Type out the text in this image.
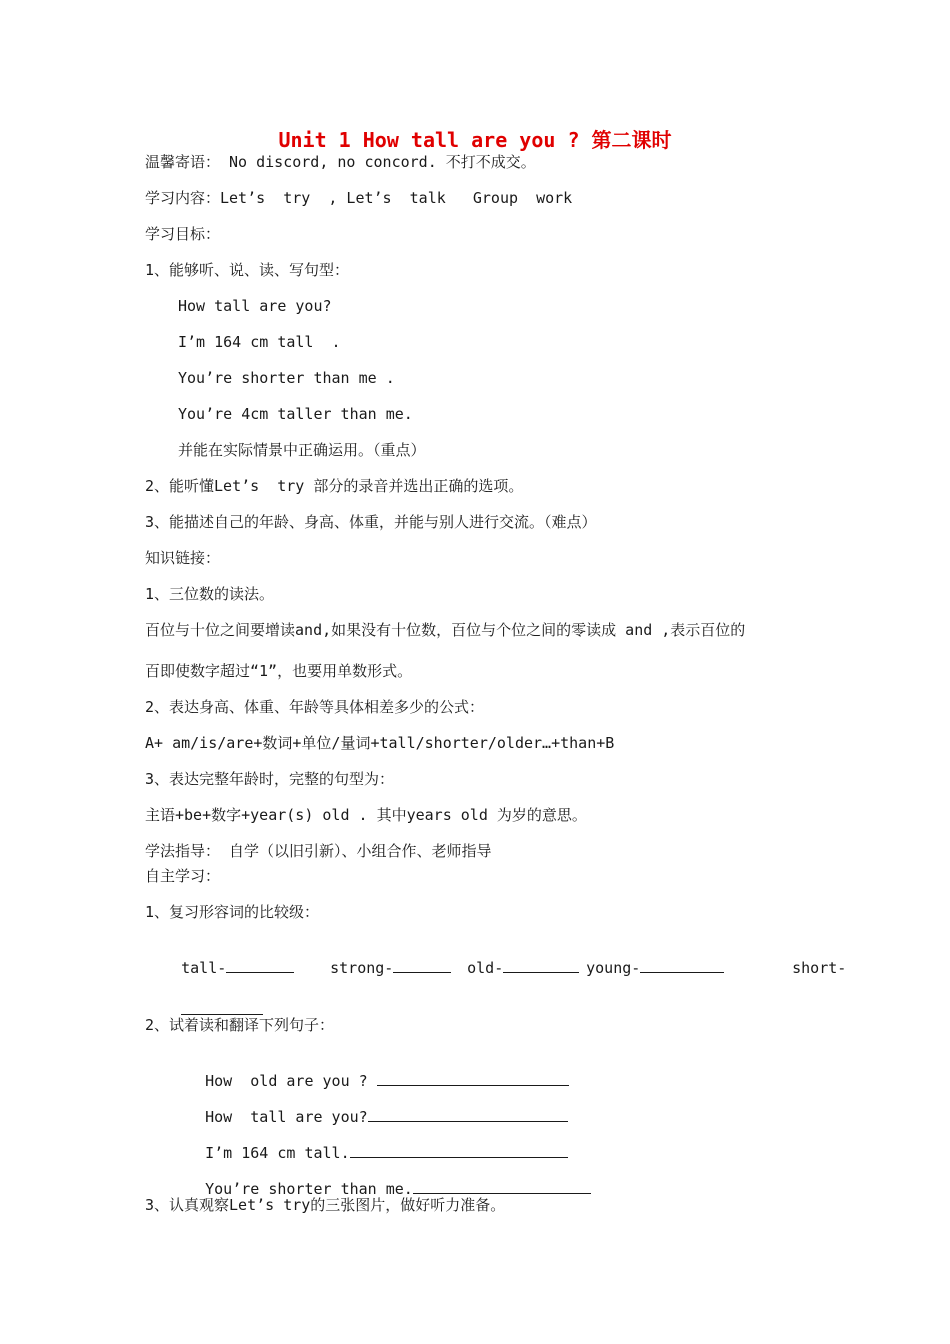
Unit 1 How tall are you ? 第二课时
温馨寄语： No discord, no concord. 不打不成交。
学习内容：Let’s  try  , Let’s  talk   Group  work
学习目标：
1、能够听、说、读、写句型：
How tall are you?
I’m 164 cm tall  .
You’re shorter than me .
You’re 4cm taller than me.
并能在实际情景中正确运用。（重点）
2、能听懂Let’s  try 部分的录音并选出正确的选项。
3、能描述自己的年龄、身高、体重，并能与别人进行交流。（难点）
知识链接：
1、三位数的读法。
百位与十位之间要增读and,如果没有十位数，百位与个位之间的零读成 and ,表示百位的
百即使数字超过“1”，也要用单数形式。
2、表达身高、体重、年龄等具体相差多少的公式：
A+ am/is/are+数词+单位/量词+tall/shorter/older…+than+B
3、表达完整年龄时，完整的句型为：
主语+be+数字+year(s) old . 其中years old 为岁的意思。
学法指导： 自学（以旧引新）、小组合作、老师指导
自主学习：
1、复习形容词的比较级：

tall-
	strong-
	old-
	young-
	short-

2、试着读和翻译下列句子：

How  old are you ?

How  tall are you?

I’m 164 cm tall.

You’re shorter than me.

3、认真观察Let’s try的三张图片，做好听力准备。
